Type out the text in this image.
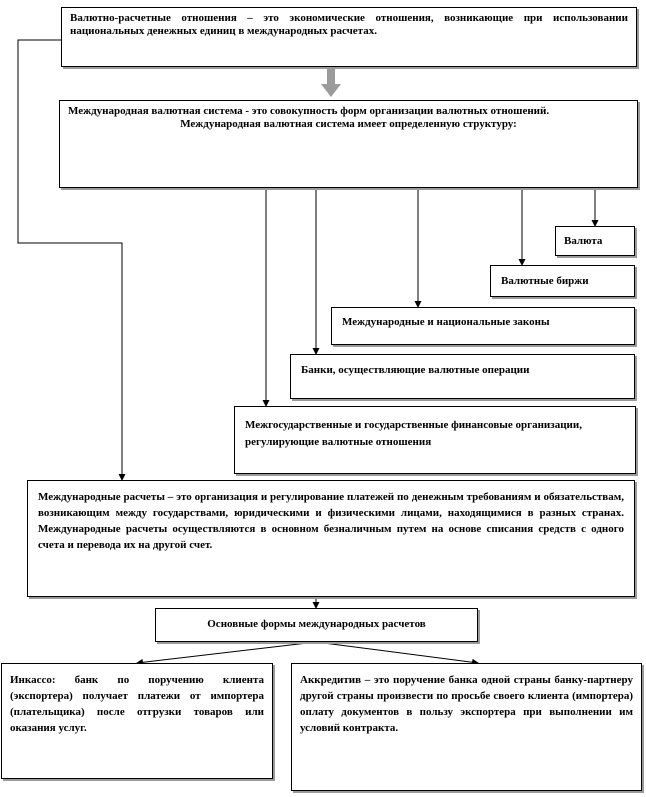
Валютно-расчетные отношения – это экономические отношения, возникающие при использовании национальных денежных единиц в международных расчетах.
Международная валютная система - это совокупность форм организации валютных отношений.
Международная валютная система имеет определенную структуру:
Валюта
Валютные биржи
Международные и национальные законы
Банки, осуществляющие валютные операции
Межгосударственные и государственные финансовые организации, регулирующие валютные отношения
Международные расчеты – это организация и регулирование платежей по денежным требованиям и обязательствам, возникающим между государствами, юридическими и физическими лицами, находящимися в разных странах. Международные расчеты осуществляются в основном безналичным путем на основе списания средств с одного счета и перевода их на другой счет.
Основные формы международных расчетов
Инкассо: банк по поручению клиента (экспортера) получает платежи от импортера (плательщика) после отгрузки товаров или оказания услуг.
Аккредитив – это поручение банка одной страны банку-партнеру другой страны произвести по просьбе своего клиента (импортера) оплату документов в пользу экспортера при выполнении им условий контракта.
